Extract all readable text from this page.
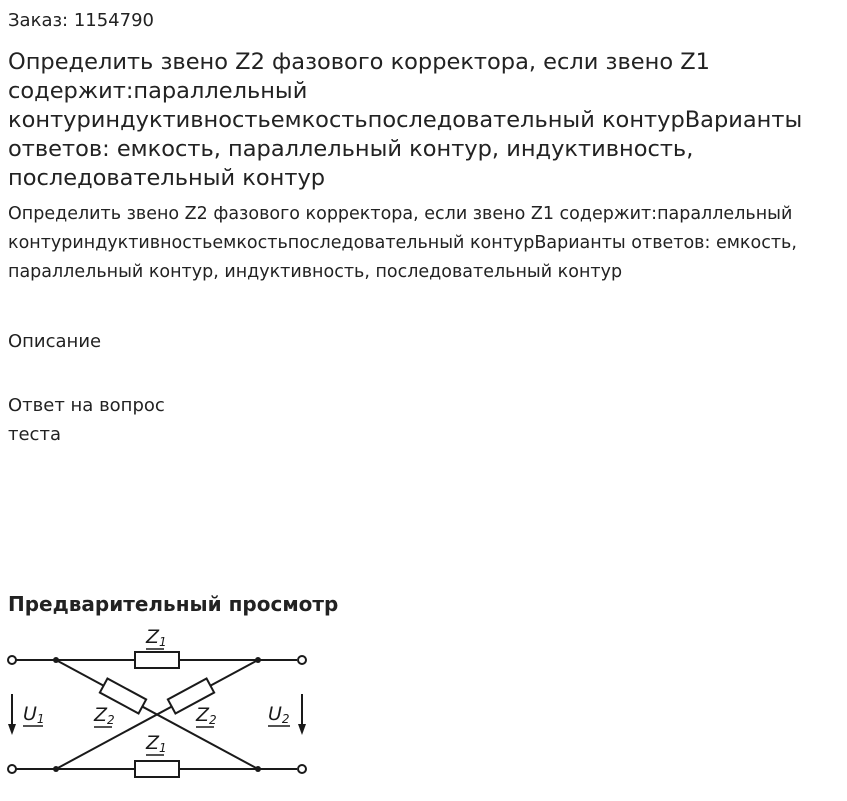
Заказ: 1154790

Определить звено Z2 фазового корректора, если звено Z1 содержит:параллельный контуриндуктивностьемкостьпоследовательный контурВарианты ответов: емкость, параллельный контур, индуктивность, последовательный контур

Определить звено Z2 фазового корректора, если звено Z1 содержит:параллельный контуриндуктивностьемкостьпоследовательный контурВарианты ответов: емкость, параллельный контур, индуктивность, последовательный контур

Описание

Ответ на вопрос теста

Предварительный просмотр
Z1
Z1
Z2	Z2
U1	U2
